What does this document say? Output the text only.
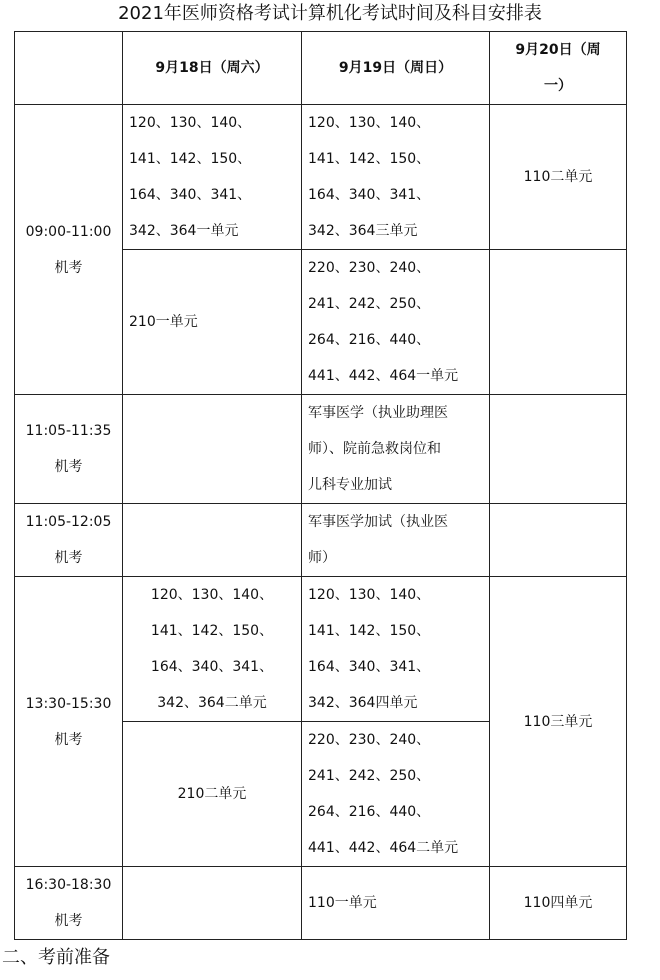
2021年医师资格考试计算机化考试时间及科目安排表
	9月18日（周六）	9月19日（周日）	9月20日（周
一）

09:00-11:00
机考	120、130、140、
141、142、150、
164、340、341、
342、364一单元	120、130、140、
141、142、150、
164、340、341、
342、364三单元	110二单元
	210一单元	220、230、240、
241、242、250、
264、216、440、
441、442、464一单元	

11:05-11:35
机考		军事医学（执业助理医
师）、院前急救岗位和
儿科专业加试	

11:05-12:05
机考		军事医学加试（执业医
师）	

13:30-15:30
机考	120、130、140、
141、142、150、
164、340、341、
342、364二单元	120、130、140、
141、142、150、
164、340、341、
342、364四单元	110三单元
	210二单元	220、230、240、
241、242、250、
264、216、440、
441、442、464二单元	

16:30-18:30
机考		110一单元	110四单元
二、考前准备
